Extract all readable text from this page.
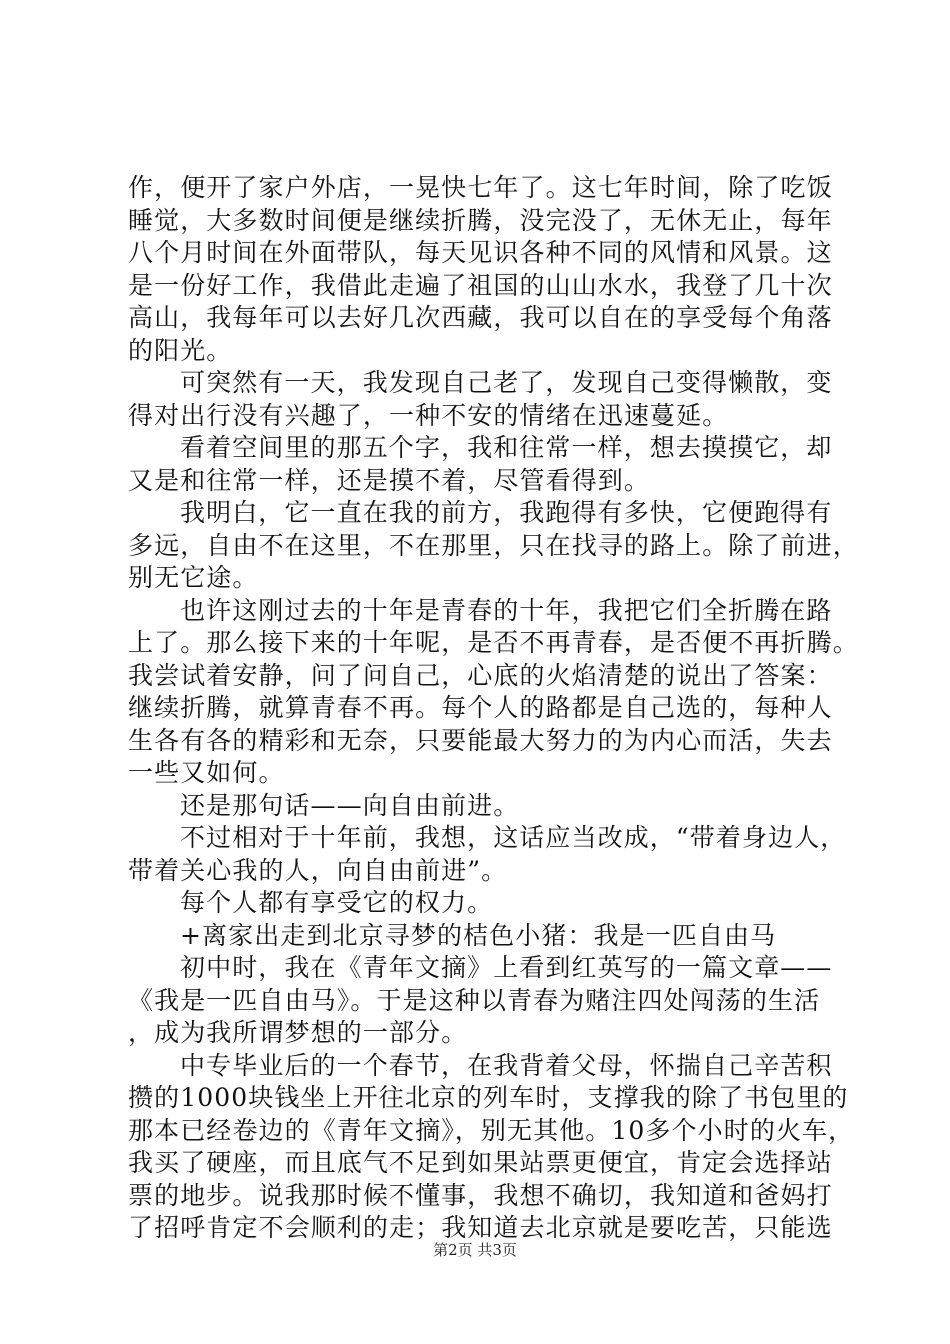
作，便开了家户外店，一晃快七年了。这七年时间，除了吃饭
睡觉，大多数时间便是继续折腾，没完没了，无休无止，每年
八个月时间在外面带队，每天见识各种不同的风情和风景。这
是一份好工作，我借此走遍了祖国的山山水水，我登了几十次
高山，我每年可以去好几次西藏，我可以自在的享受每个角落
的阳光。
可突然有一天，我发现自己老了，发现自己变得懒散，变
得对出行没有兴趣了，一种不安的情绪在迅速蔓延。
看着空间里的那五个字，我和往常一样，想去摸摸它，却
又是和往常一样，还是摸不着，尽管看得到。
我明白，它一直在我的前方，我跑得有多快，它便跑得有
多远，自由不在这里，不在那里，只在找寻的路上。除了前进，
别无它途。
也许这刚过去的十年是青春的十年，我把它们全折腾在路
上了。那么接下来的十年呢，是否不再青春，是否便不再折腾。
我尝试着安静，问了问自己，心底的火焰清楚的说出了答案：
继续折腾，就算青春不再。每个人的路都是自己选的，每种人
生各有各的精彩和无奈，只要能最大努力的为内心而活，失去
一些又如何。
还是那句话——向自由前进。
不过相对于十年前，我想，这话应当改成，“带着身边人，
带着关心我的人，向自由前进”。
每个人都有享受它的权力。
+离家出走到北京寻梦的桔色小猪：我是一匹自由马
初中时，我在《青年文摘》上看到红英写的一篇文章——
《我是一匹自由马》。于是这种以青春为赌注四处闯荡的生活
，成为我所谓梦想的一部分。
中专毕业后的一个春节，在我背着父母，怀揣自己辛苦积
攒的1000块钱坐上开往北京的列车时，支撑我的除了书包里的
那本已经卷边的《青年文摘》，别无其他。10多个小时的火车，
我买了硬座，而且底气不足到如果站票更便宜，肯定会选择站
票的地步。说我那时候不懂事，我想不确切，我知道和爸妈打
了招呼肯定不会顺利的走；我知道去北京就是要吃苦，只能选
第2页 共3页
